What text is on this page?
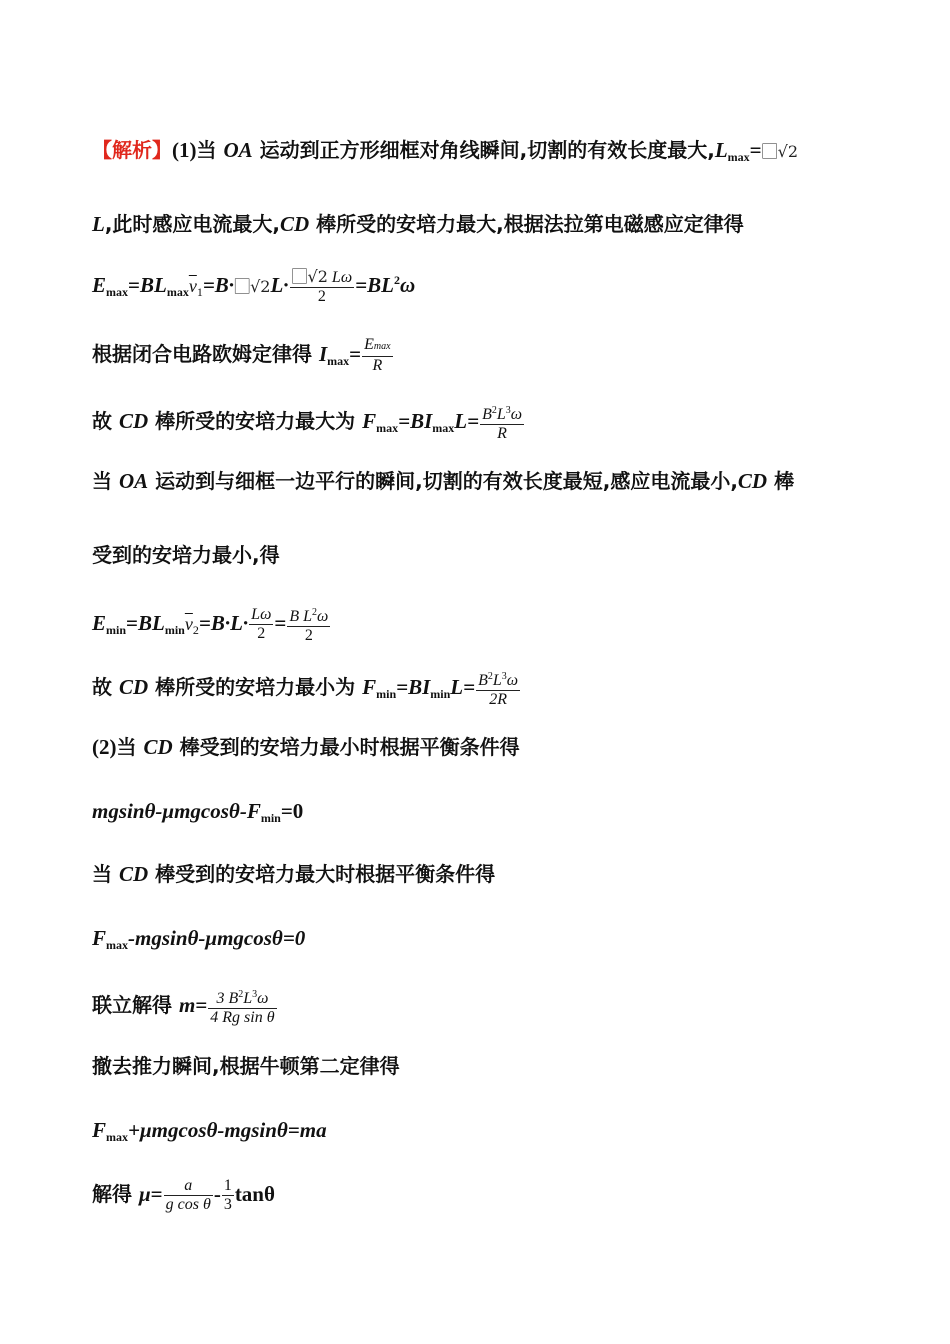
【解析】(1)当 OA 运动到正方形细框对角线瞬间,切割的有效长度最大$,L_{max}=⃞√2$
L,此时感应电流最大,CD 棒所受的安培力最大,根据法拉第电磁感应定律得
$E_{max}=BL_{max}\overline{v}_1=B\cdot⃞√2L\cdot \frac{⃞√2 L\omega}{2} =BL^2\omega$
根据闭合电路欧姆定律得 $I_{max}= \frac{Emax}{R}$
故 CD 棒所受的安培力最大为 $F_{max}=BI_{max}L= \frac{B^2L^3\omega}{R}$
当 OA 运动到与细框一边平行的瞬间,切割的有效长度最短,感应电流最小,CD 棒
受到的安培力最小,得
$E_{min}=BL_{min}\overline{v}_2=B\cdot L\cdot \frac{L\omega}{2} = \frac{B L^2\omega}{2}$
故 CD 棒所受的安培力最小为 $F_{min}=BI_{min}L= \frac{B^2L^3\omega}{2R}$
(2)当 CD 棒受到的安培力最小时根据平衡条件得
mgsinθ-$\mu mgcos\theta-F_{min}=0$
当 CD 棒受到的安培力最大时根据平衡条件得
$F_{max}-mgsin\theta-\mu mgcos\theta=0$
联立解得 $m= \frac{3 B^2L^3\omega}{\text{4 Rg sin θ}}$
撤去推力瞬间,根据牛顿第二定律得
$F_{max}+\mu mgcos\theta-mgsin\theta=ma$
解得 $\mu= \frac{a}{\text{g cos θ}} - \frac{1}{3}$ tanθ
